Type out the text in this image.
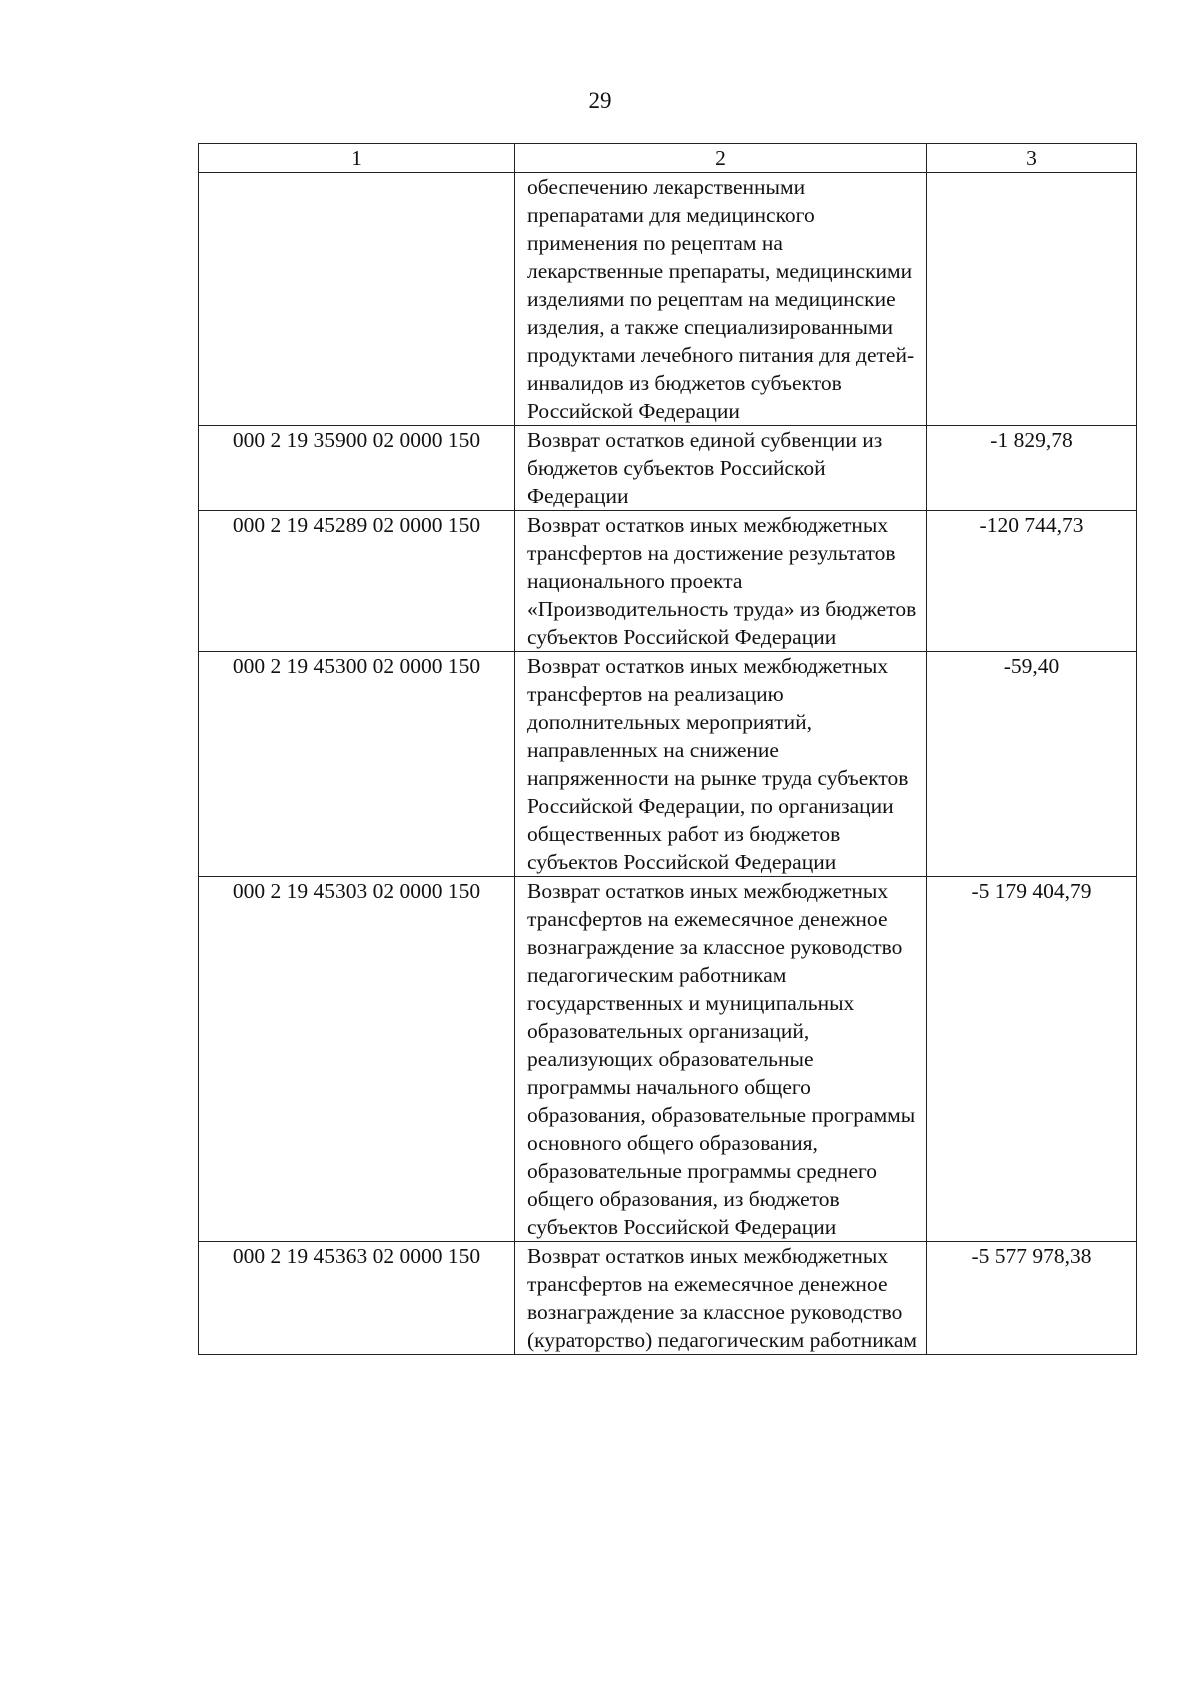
29
1	2	3
	обеспечению лекарственными препаратами для медицинского применения по рецептам на лекарственные препараты, медицинскими изделиями по рецептам на медицинские изделия, а также специализированными продуктами лечебного питания для детей-инвалидов из бюджетов субъектов Российской Федерации	
000 2 19 35900 02 0000 150	Возврат остатков единой субвенции из бюджетов субъектов Российской Федерации	-1 829,78
000 2 19 45289 02 0000 150	Возврат остатков иных межбюджетных трансфертов на достижение результатов национального проекта «Производительность труда» из бюджетов субъектов Российской Федерации	-120 744,73
000 2 19 45300 02 0000 150	Возврат остатков иных межбюджетных трансфертов на реализацию дополнительных мероприятий, направленных на снижение напряженности на рынке труда субъектов Российской Федерации, по организации общественных работ из бюджетов субъектов Российской Федерации	-59,40
000 2 19 45303 02 0000 150	Возврат остатков иных межбюджетных трансфертов на ежемесячное денежное вознаграждение за классное руководство педагогическим работникам государственных и муниципальных образовательных организаций, реализующих образовательные программы начального общего образования, образовательные программы основного общего образования, образовательные программы среднего общего образования, из бюджетов субъектов Российской Федерации	-5 179 404,79
000 2 19 45363 02 0000 150	Возврат остатков иных межбюджетных трансфертов на ежемесячное денежное вознаграждение за классное руководство (кураторство) педагогическим работникам	-5 577 978,38
